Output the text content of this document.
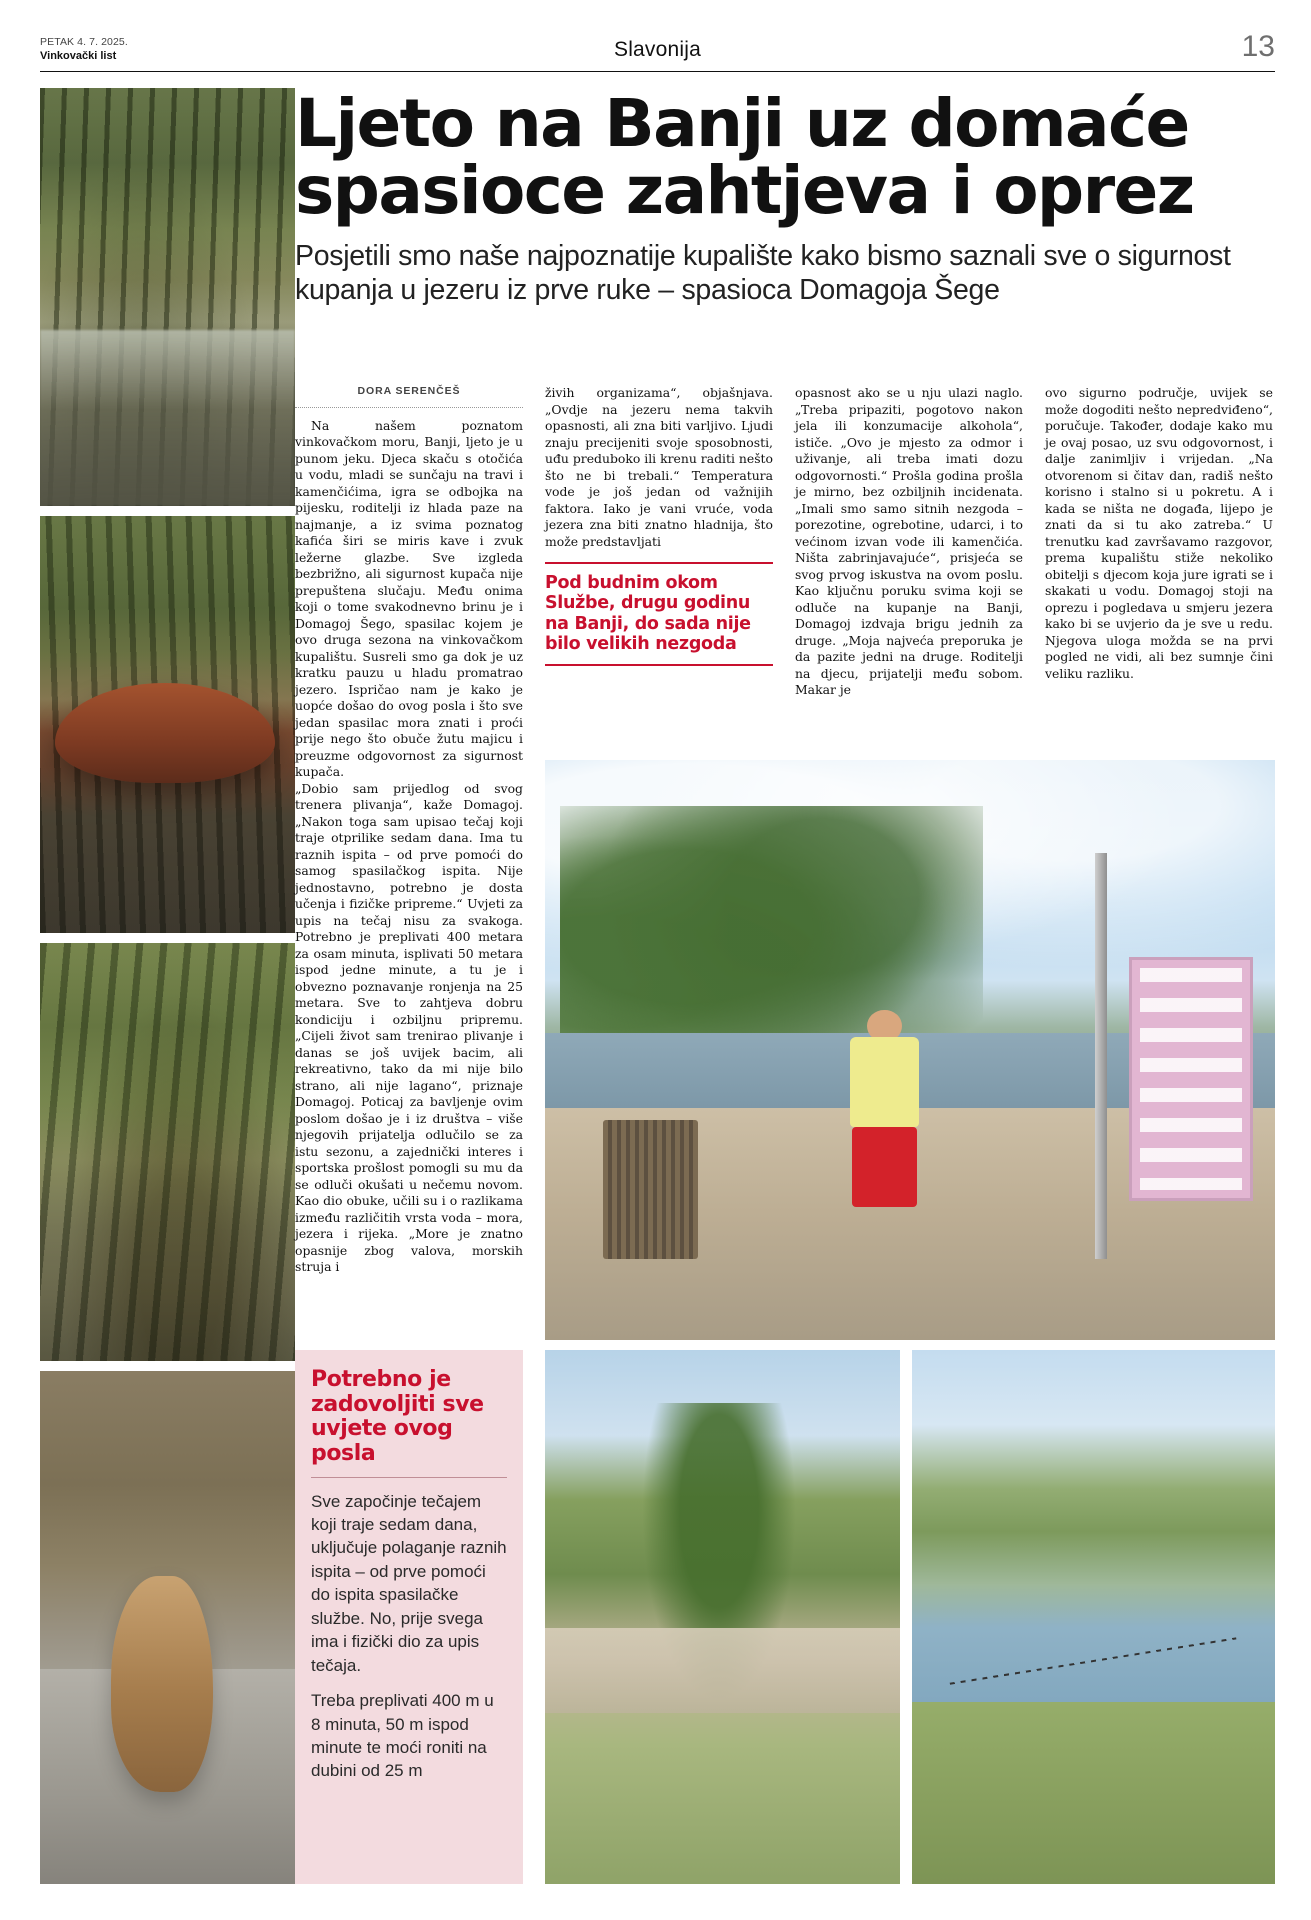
PETAK 4. 7. 2025.
Vinkovački list	Slavonija	13
Ljeto na Banji uz domaće spasioce zahtjeva i oprez

Posjetili smo naše najpoznatije kupalište kako bismo saznali sve o sigurnost kupanja u jezeru iz prve ruke – spasioca Domagoja Šege

DORA SERENČEŠ

Na našem poznatom vinkovačkom moru, Banji, ljeto je u punom jeku. Djeca skaču s otočića u vodu, mladi se sunčaju na travi i kamenčićima, igra se odbojka na pijesku, roditelji iz hlada paze na najmanje, a iz svima poznatog kafića širi se miris kave i zvuk ležerne glazbe. Sve izgleda bezbrižno, ali sigurnost kupača nije prepuštena slučaju. Među onima koji o tome svakodnevno brinu je i Domagoj Šego, spasilac kojem je ovo druga sezona na vinkovačkom kupalištu. Susreli smo ga dok je uz kratku pauzu u hladu promatrao jezero. Ispričao nam je kako je uopće došao do ovog posla i što sve jedan spasilac mora znati i proći prije nego što obuče žutu majicu i preuzme odgovornost za sigurnost kupača.

„Dobio sam prijedlog od svog trenera plivanja“, kaže Domagoj. „Nakon toga sam upisao tečaj koji traje otprilike sedam dana. Ima tu raznih ispita – od prve pomoći do samog spasilačkog ispita. Nije jednostavno, potrebno je dosta učenja i fizičke pripreme.“ Uvjeti za upis na tečaj nisu za svakoga. Potrebno je preplivati 400 metara za osam minuta, isplivati 50 metara ispod jedne minute, a tu je i obvezno poznavanje ronjenja na 25 metara. Sve to zahtjeva dobru kondiciju i ozbiljnu pripremu. „Cijeli život sam trenirao plivanje i danas se još uvijek bacim, ali rekreativno, tako da mi nije bilo strano, ali nije lagano“, priznaje Domagoj. Poticaj za bavljenje ovim poslom došao je i iz društva – više njegovih prijatelja odlučilo se za istu sezonu, a zajednički interes i sportska prošlost pomogli su mu da se odluči okušati u nečemu novom. Kao dio obuke, učili su i o razlikama između različitih vrsta voda – mora, jezera i rijeka. „More je znatno opasnije zbog valova, morskih struja i

živih organizama“, objašnjava. „Ovdje na jezeru nema takvih opasnosti, ali zna biti varljivo. Ljudi znaju precijeniti svoje sposobnosti, uđu predubokо ili krenu raditi nešto što ne bi trebali.“ Temperatura vode je još jedan od važnijih faktora. Iako je vani vruće, voda jezera zna biti znatno hladnija, što može predstavljati

Pod budnim okom Službe, drugu godinu na Banji, do sada nije bilo velikih nezgoda

opasnost ako se u nju ulazi naglo. „Treba pripaziti, pogotovo nakon jela ili konzumacije alkohola“, ističe. „Ovo je mjesto za odmor i uživanje, ali treba imati dozu odgovornosti.“ Prošla godina prošla je mirno, bez ozbiljnih incidenata. „Imali smo samo sitnih nezgoda – porezotine, ogrebotine, udarci, i to većinom izvan vode ili kamenčića. Ništa zabrinjavajuće“, prisjeća se svog prvog iskustva na ovom poslu. Kao ključnu poruku svima koji se odluče na kupanje na Banji, Domagoj izdvaja brigu jednih za druge. „Moja najveća preporuka je da pazite jedni na druge. Roditelji na djecu, prijatelji među sobom. Makar je

ovo sigurno područje, uvijek se može dogoditi nešto nepredviđeno“, poručuje. Također, dodaje kako mu je ovaj posao, uz svu odgovornost, i dalje zanimljiv i vrijedan. „Na otvorenom si čitav dan, radiš nešto korisno i stalno si u pokretu. A i kada se ništa ne događa, lijepo je znati da si tu ako zatreba.“ U trenutku kad završavamo razgovor, prema kupalištu stiže nekoliko obitelji s djecom koja jure igrati se i skakati u vodu. Domagoj stoji na oprezu i pogledava u smjeru jezera kako bi se uvjerio da je sve u redu. Njegova uloga možda se na prvi pogled ne vidi, ali bez sumnje čini veliku razliku.

Potrebno je zadovoljiti sve uvjete ovog posla

Sve započinje tečajem koji traje sedam dana, uključuje polaganje raznih ispita – od prve pomoći do ispita spasilačke službe. No, prije svega ima i fizički dio za upis tečaja.

Treba preplivati 400 m u 8 minuta, 50 m ispod minute te moći roniti na dubini od 25 m
